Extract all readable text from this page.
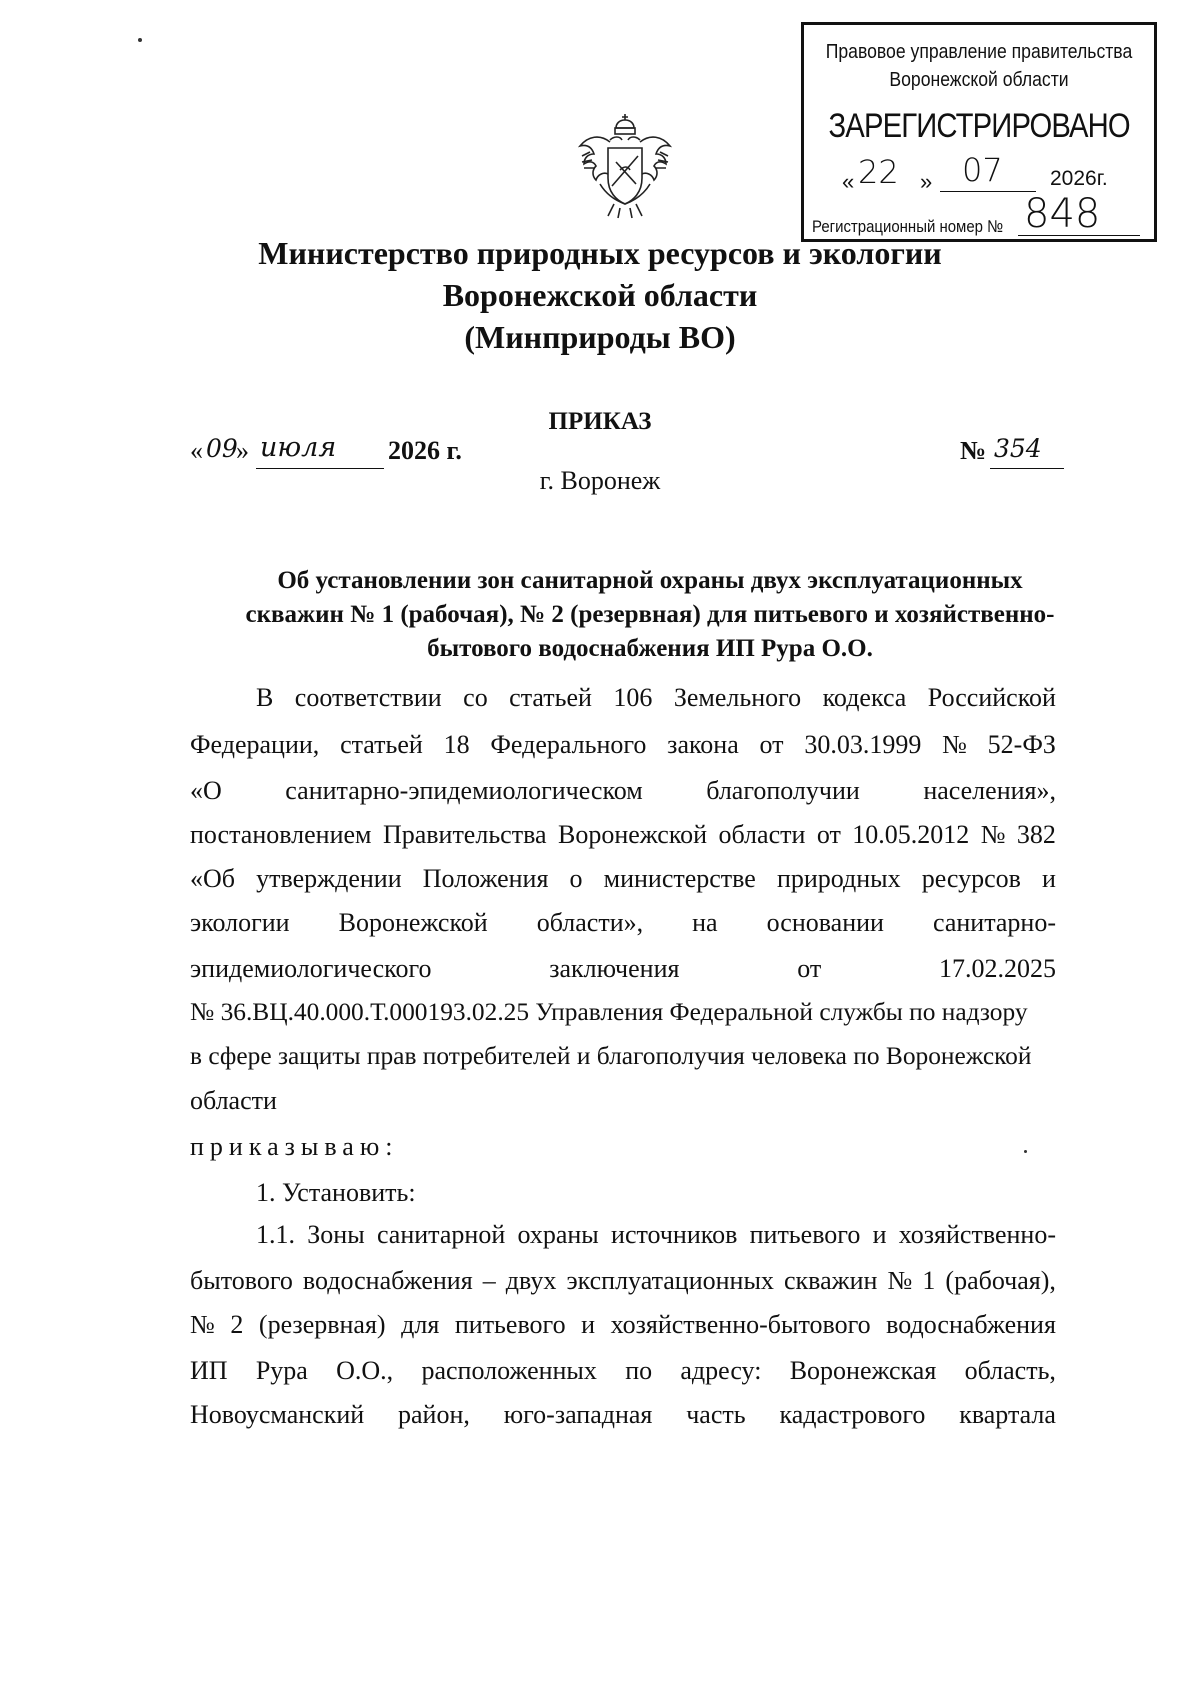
Правовое управление правительства
Воронежской области
ЗАРЕГИСТРИРОВАНО
« 22 » 07 2026г.
Регистрационный номер № 848
Министерство природных ресурсов и экологии
Воронежской области
(Минприроды ВО)
ПРИКАЗ
« 09
» июля 2026 г.	№ 354
г. Воронеж
Об установлении зон санитарной охраны двух эксплуатационных
скважин № 1 (рабочая), № 2 (резервная) для питьевого и хозяйственно-
бытового водоснабжения ИП Рура О.О.
В соответствии со статьей 106 Земельного кодекса Российской
Федерации, статьей 18 Федерального закона от 30.03.1999 № 52-ФЗ
«О санитарно-эпидемиологическом благополучии населения»,
постановлением Правительства Воронежской области от 10.05.2012 № 382
«Об утверждении Положения о министерстве природных ресурсов и
экологии Воронежской области», на основании санитарно-
эпидемиологического	заключения	от	17.02.2025
№ 36.ВЦ.40.000.Т.000193.02.25 Управления Федеральной службы по надзору
в сфере защиты прав потребителей и благополучия человека по Воронежской
области
приказываю:
1. Установить:
1.1. Зоны санитарной охраны источников питьевого и хозяйственно-
бытового водоснабжения – двух эксплуатационных скважин № 1 (рабочая),
№ 2 (резервная) для питьевого и хозяйственно-бытового водоснабжения
ИП Рура О.О., расположенных по адресу: Воронежская область,
Новоусманский район, юго-западная часть кадастрового квартала
